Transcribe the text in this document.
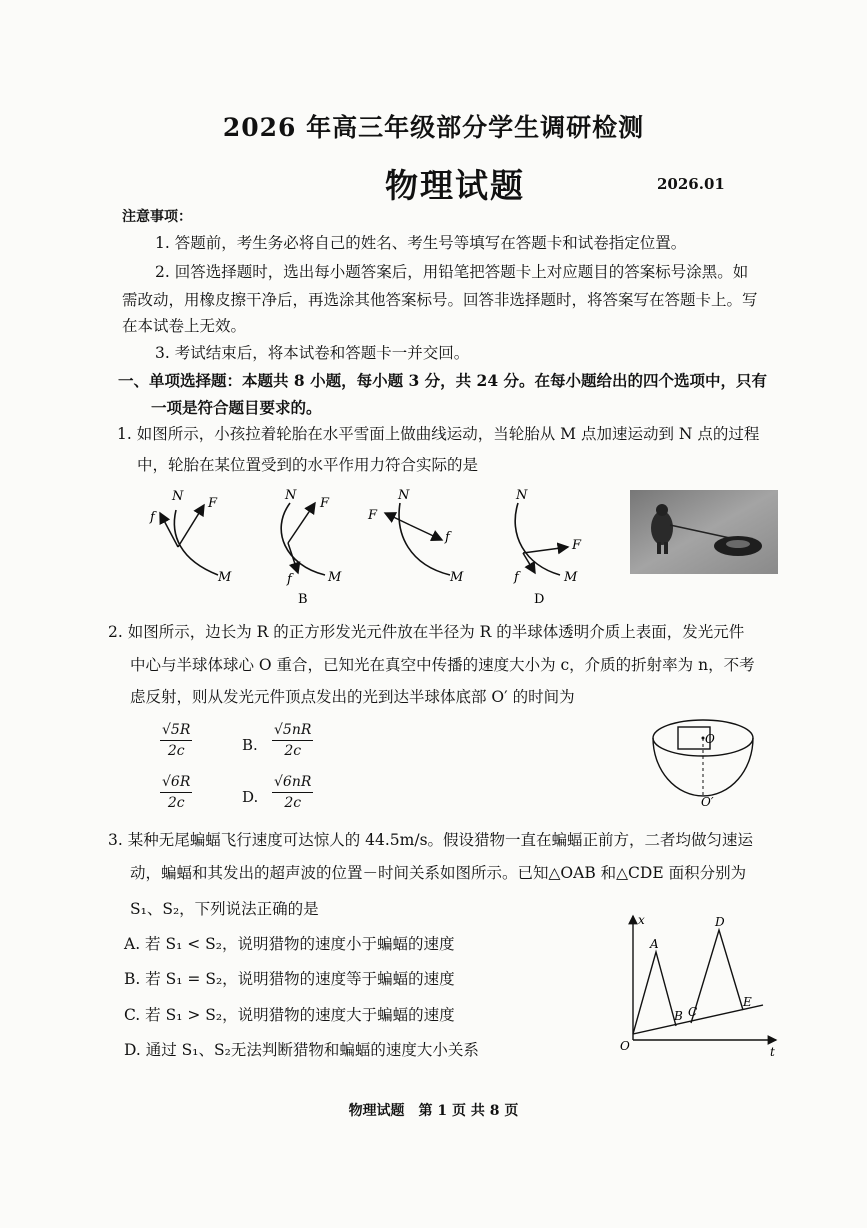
2026 年高三年级部分学生调研检测
物理试题	2026.01
注意事项：
1. 答题前，考生务必将自己的姓名、考生号等填写在答题卡和试卷指定位置。
2. 回答选择题时，选出每小题答案后，用铅笔把答题卡上对应题目的答案标号涂黑。如
需改动，用橡皮擦干净后，再选涂其他答案标号。回答非选择题时，将答案写在答题卡上。写
在本试卷上无效。
3. 考试结束后，将本试卷和答题卡一并交回。
一、单项选择题：本题共 8 小题，每小题 3 分，共 24 分。在每小题给出的四个选项中，只有
一项是符合题目要求的。
1. 如图所示，小孩拉着轮胎在水平雪面上做曲线运动，当轮胎从 M 点加速运动到 N 点的过程
中，轮胎在某位置受到的水平作用力符合实际的是
N
f
F
M
N
F
f	M
B
N
F
f
M
N
F
f	M
D
2. 如图所示，边长为 R 的正方形发光元件放在半径为 R 的半球体透明介质上表面，发光元件
中心与半球体球心 O 重合，已知光在真空中传播的速度大小为 c，介质的折射率为 n，不考
虑反射，则从发光元件顶点发出的光到达半球体底部 O′ 的时间为
$\frac{√5R}{2c}$	B. $\frac{√5nR}{2c}$
$\frac{√6R}{2c}$	D. $\frac{√6nR}{2c}$
O
O′
3. 某种无尾蝙蝠飞行速度可达惊人的 44.5m/s。假设猎物一直在蝙蝠正前方，二者均做匀速运
动，蝙蝠和其发出的超声波的位置－时间关系如图所示。已知△OAB 和△CDE 面积分别为
S₁、S₂，下列说法正确的是
A. 若 S₁ < S₂，说明猎物的速度小于蝙蝠的速度
B. 若 S₁ = S₂，说明猎物的速度等于蝙蝠的速度
C. 若 S₁ > S₂，说明猎物的速度大于蝙蝠的速度
D. 通过 S₁、S₂无法判断猎物和蝙蝠的速度大小关系
x
t
O
A
B C
D
E
物理试题　第 1 页 共 8 页
